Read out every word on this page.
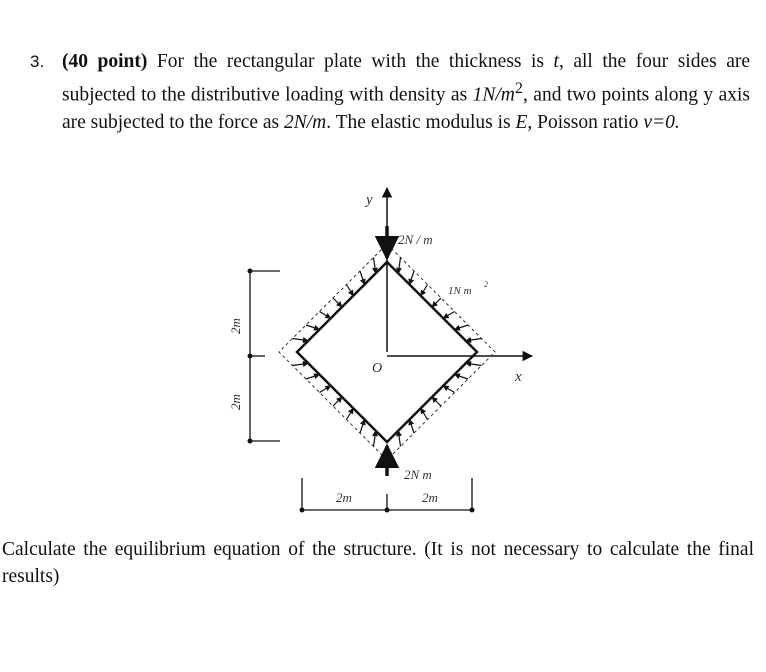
3. (40 point) For the rectangular plate with the thickness is t, all the four sides are subjected to the distributive loading with density as $1N/m^2$, and two points along y axis are subjected to the force as 2N/m. The elastic modulus is E, Poisson ratio ν=0.
y
x
O
2N / m
2N m
1N m
2
2m
2m
2m	2m
Calculate the equilibrium equation of the structure. (It is not necessary to calculate the final results)
